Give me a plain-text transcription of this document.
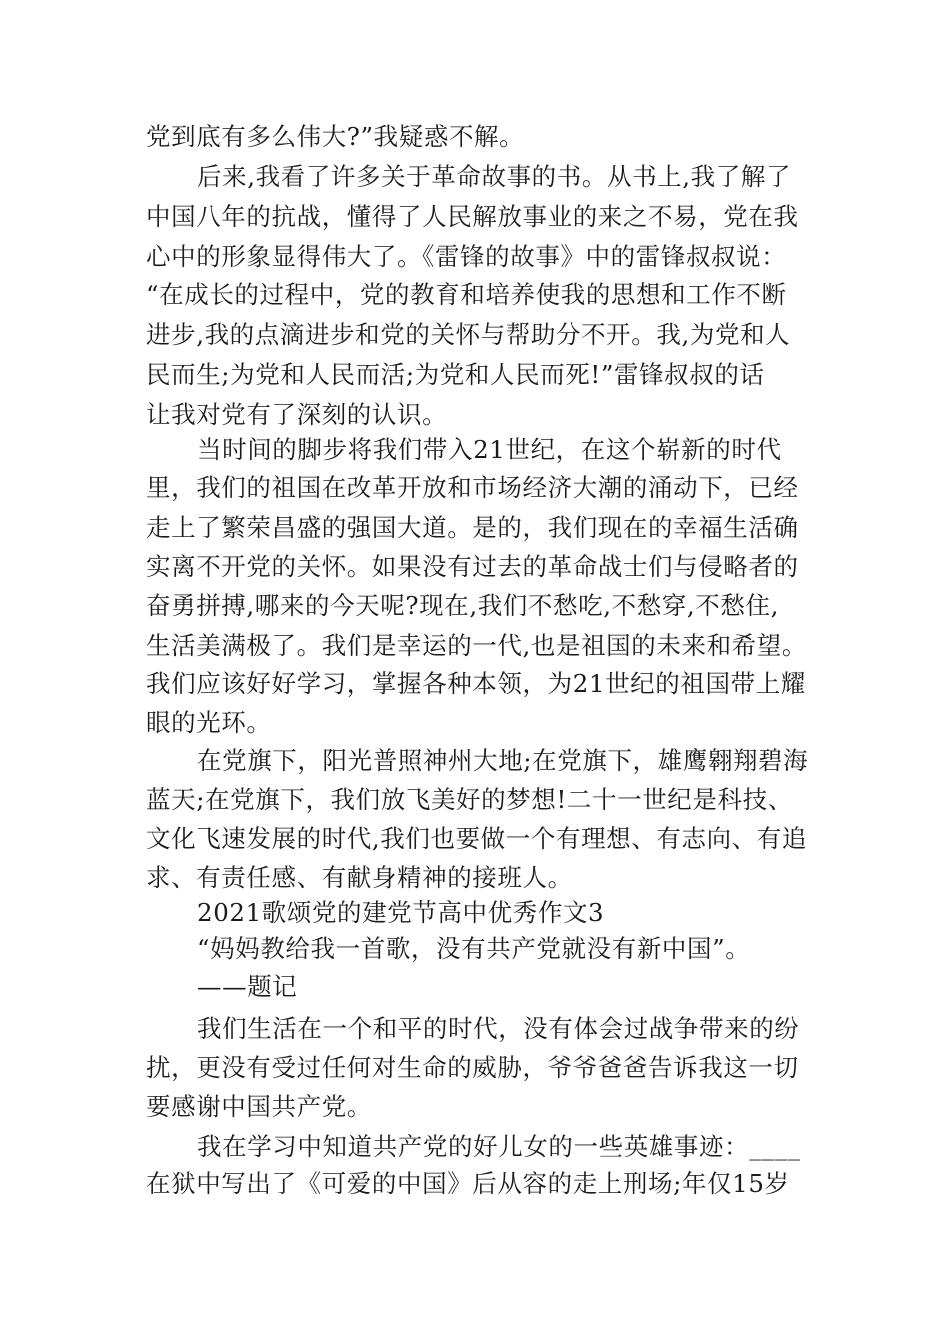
党到底有多么伟大?”我疑惑不解。
后来,我看了许多关于革命故事的书。从书上,我了解了
中国八年的抗战，懂得了人民解放事业的来之不易，党在我
心中的形象显得伟大了。《雷锋的故事》中的雷锋叔叔说：
“在成长的过程中，党的教育和培养使我的思想和工作不断
进步,我的点滴进步和党的关怀与帮助分不开。我,为党和人
民而生;为党和人民而活;为党和人民而死!”雷锋叔叔的话
让我对党有了深刻的认识。
当时间的脚步将我们带入21世纪，在这个崭新的时代
里，我们的祖国在改革开放和市场经济大潮的涌动下，已经
走上了繁荣昌盛的强国大道。是的，我们现在的幸福生活确
实离不开党的关怀。如果没有过去的革命战士们与侵略者的
奋勇拼搏,哪来的今天呢?现在,我们不愁吃,不愁穿,不愁住,
生活美满极了。我们是幸运的一代,也是祖国的未来和希望。
我们应该好好学习，掌握各种本领，为21世纪的祖国带上耀
眼的光环。
在党旗下，阳光普照神州大地;在党旗下，雄鹰翱翔碧海
蓝天;在党旗下，我们放飞美好的梦想!二十一世纪是科技、
文化飞速发展的时代,我们也要做一个有理想、有志向、有追
求、有责任感、有献身精神的接班人。
2021歌颂党的建党节高中优秀作文3
“妈妈教给我一首歌，没有共产党就没有新中国”。
——题记
我们生活在一个和平的时代，没有体会过战争带来的纷
扰，更没有受过任何对生命的威胁，爷爷爸爸告诉我这一切
要感谢中国共产党。
我在学习中知道共产党的好儿女的一些英雄事迹：____
在狱中写出了《可爱的中国》后从容的走上刑场;年仅15岁
